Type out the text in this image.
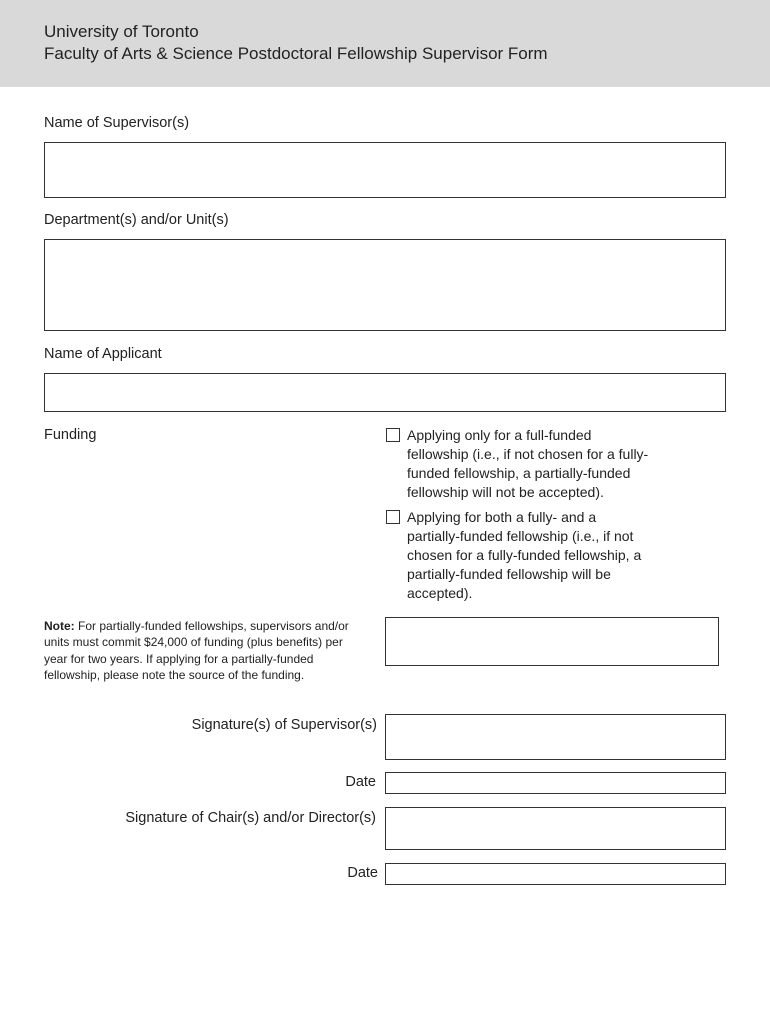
University of Toronto
Faculty of Arts & Science Postdoctoral Fellowship Supervisor Form
Name of Supervisor(s)
Department(s) and/or Unit(s)
Name of Applicant
Funding	Applying only for a full-funded
fellowship (i.e., if not chosen for a fully-
funded fellowship, a partially-funded
fellowship will not be accepted).
Applying for both a fully- and a
partially-funded fellowship (i.e., if not
chosen for a fully-funded fellowship, a
partially-funded fellowship will be
accepted).
Note: For partially-funded fellowships, supervisors and/or units must commit $24,000 of funding (plus benefits) per year for two years. If applying for a partially-funded fellowship, please note the source of the funding.
Signature(s) of Supervisor(s)
Date
Signature of Chair(s) and/or Director(s)
Date
